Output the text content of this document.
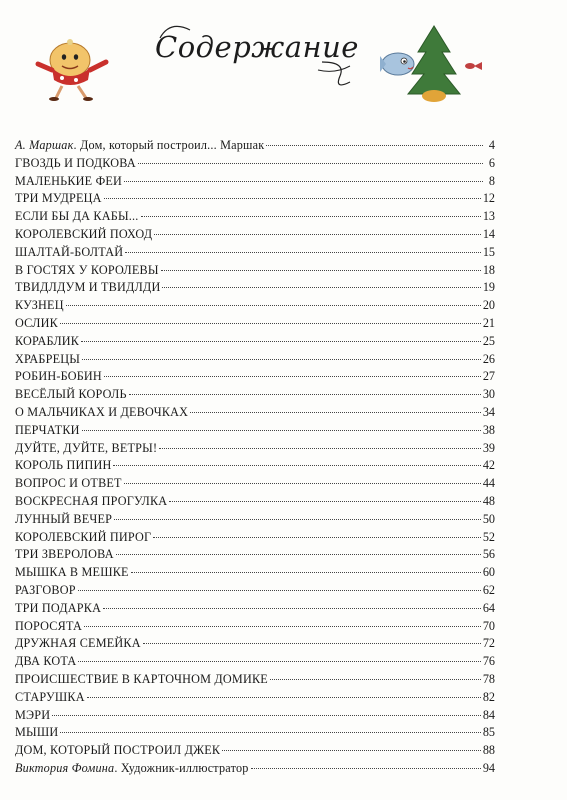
Содержание
А. Маршак. Дом, который построил... Маршак	4
ГВОЗДЬ И ПОДКОВА	6
МАЛЕНЬКИЕ ФЕИ	8
ТРИ МУДРЕЦА	12
ЕСЛИ БЫ ДА КАБЫ...	13
КОРОЛЕВСКИЙ ПОХОД	14
ШАЛТАЙ-БОЛТАЙ	15
В ГОСТЯХ У КОРОЛЕВЫ	18
ТВИДЛДУМ И ТВИДЛДИ	19
КУЗНЕЦ	20
ОСЛИК	21
КОРАБЛИК	25
ХРАБРЕЦЫ	26
РОБИН-БОБИН	27
ВЕСЁЛЫЙ КОРОЛЬ	30
О МАЛЬЧИКАХ И ДЕВОЧКАХ	34
ПЕРЧАТКИ	38
ДУЙТЕ, ДУЙТЕ, ВЕТРЫ!	39
КОРОЛЬ ПИПИН	42
ВОПРОС И ОТВЕТ	44
ВОСКРЕСНАЯ ПРОГУЛКА	48
ЛУННЫЙ ВЕЧЕР	50
КОРОЛЕВСКИЙ ПИРОГ	52
ТРИ ЗВЕРОЛОВА	56
МЫШКА В МЕШКЕ	60
РАЗГОВОР	62
ТРИ ПОДАРКА	64
ПОРОСЯТА	70
ДРУЖНАЯ СЕМЕЙКА	72
ДВА КОТА	76
ПРОИСШЕСТВИЕ В КАРТОЧНОМ ДОМИКЕ	78
СТАРУШКА	82
МЭРИ	84
МЫШИ	85
ДОМ, КОТОРЫЙ ПОСТРОИЛ ДЖЕК	88
Виктория Фомина. Художник-иллюстратор	94
